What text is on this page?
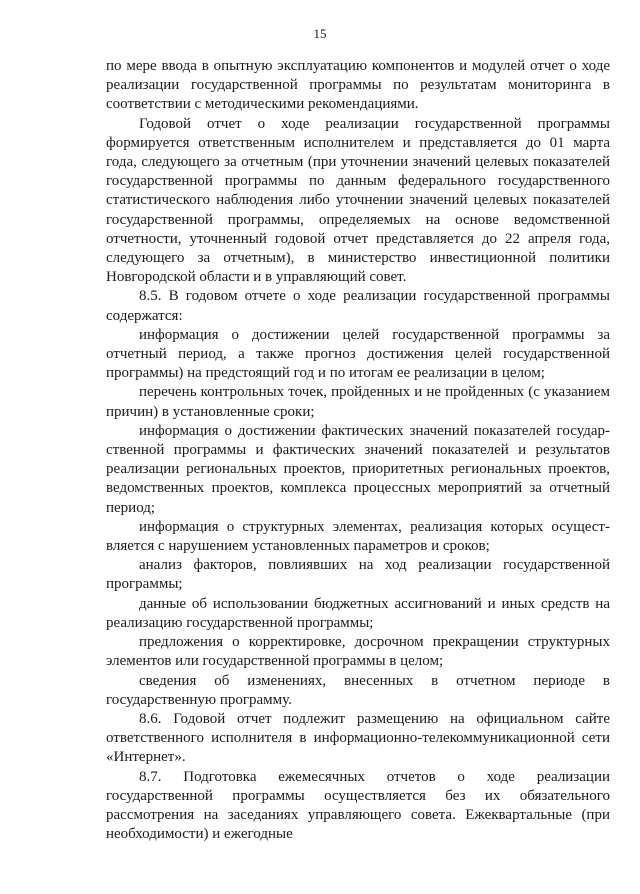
15

по мере ввода в опытную эксплуатацию компонентов и модулей отчет о ходе реализации государственной программы по результатам мониторинга в соответствии с методическими рекомендациями.

Годовой отчет о ходе реализации государственной программы формируется ответственным исполнителем и представляется до 01 марта года, следующего за отчетным (при уточнении значений целевых показателей государственной программы по данным федерального государственного статистического наблюдения либо уточнении значений целевых показателей государственной программы, определяемых на основе ведомственной отчетности, уточненный годовой отчет представляется до 22 апреля года, следующего за отчетным), в министерство инвестиционной политики Новгородской области и в управляющий совет.

8.5. В годовом отчете о ходе реализации государственной программы содержатся:

информация о достижении целей государственной программы за отчетный период, а также прогноз достижения целей государственной программы) на предстоящий год и по итогам ее реализации в целом;

перечень контрольных точек, пройденных и не пройденных (с указанием причин) в установленные сроки;

информация о достижении фактических значений показателей государственной программы и фактических значений показателей и результатов реализации региональных проектов, приоритетных региональных проектов, ведомственных проектов, комплекса процессных мероприятий за отчетный период;

информация о структурных элементах, реализация которых осуществляется с нарушением установленных параметров и сроков;

анализ факторов, повлиявших на ход реализации государственной программы;

данные об использовании бюджетных ассигнований и иных средств на реализацию государственной программы;

предложения о корректировке, досрочном прекращении структурных элементов или государственной программы в целом;

сведения об изменениях, внесенных в отчетном периоде в государственную программу.

8.6. Годовой отчет подлежит размещению на официальном сайте ответственного исполнителя в информационно-телекоммуникационной сети «Интернет».

8.7. Подготовка ежемесячных отчетов о ходе реализации государственной программы осуществляется без их обязательного рассмотрения на заседаниях управляющего совета. Ежеквартальные (при необходимости) и ежегодные
